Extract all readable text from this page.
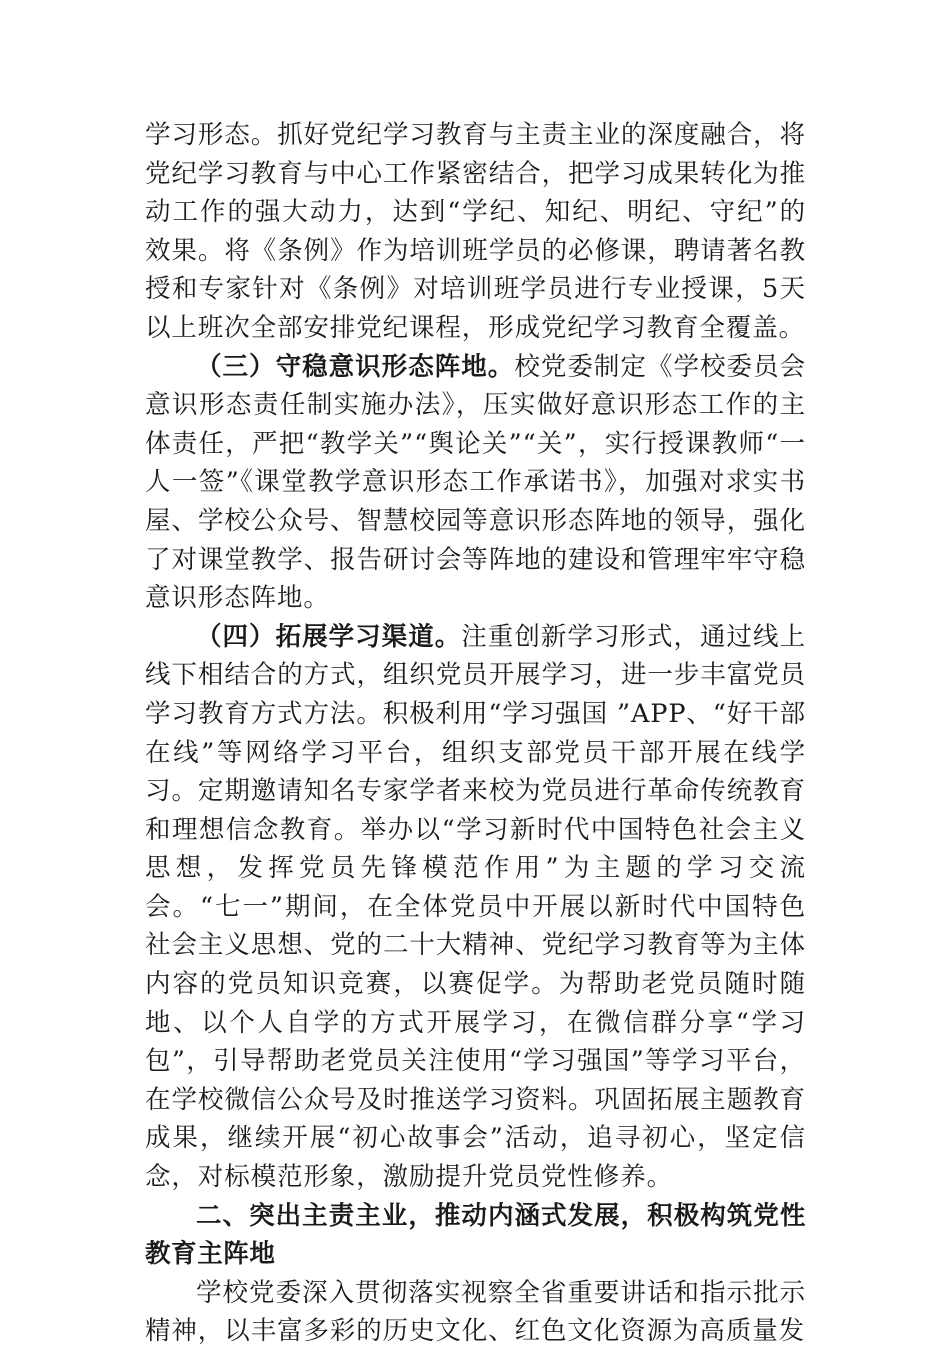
学习形态。抓好党纪学习教育与主责主业的深度融合，将党纪学习教育与中心工作紧密结合，把学习成果转化为推动工作的强大动力，达到“学纪、知纪、明纪、守纪”的效果。将《条例》作为培训班学员的必修课，聘请著名教授和专家针对《条例》对培训班学员进行专业授课，5天以上班次全部安排党纪课程，形成党纪学习教育全覆盖。

（三）守稳意识形态阵地。校党委制定《学校委员会意识形态责任制实施办法》，压实做好意识形态工作的主体责任，严把“教学关”“舆论关”“关”，实行授课教师“一人一签”《课堂教学意识形态工作承诺书》，加强对求实书屋、学校公众号、智慧校园等意识形态阵地的领导，强化了对课堂教学、报告研讨会等阵地的建设和管理牢牢守稳意识形态阵地。

（四）拓展学习渠道。注重创新学习形式，通过线上线下相结合的方式，组织党员开展学习，进一步丰富党员学习教育方式方法。积极利用“学习强国 ”APP、“好干部在线”等网络学习平台，组织支部党员干部开展在线学习。定期邀请知名专家学者来校为党员进行革命传统教育和理想信念教育。举办以“学习新时代中国特色社会主义思想，发挥党员先锋模范作用”为主题的学习交流会。“七一”期间，在全体党员中开展以新时代中国特色社会主义思想、党的二十大精神、党纪学习教育等为主体内容的党员知识竞赛，以赛促学。为帮助老党员随时随地、以个人自学的方式开展学习，在微信群分享“学习包”，引导帮助老党员关注使用“学习强国”等学习平台，在学校微信公众号及时推送学习资料。巩固拓展主题教育成果，继续开展“初心故事会”活动，追寻初心，坚定信念，对标模范形象，激励提升党员党性修养。

二、突出主责主业，推动内涵式发展，积极构筑党性教育主阵地

学校党委深入贯彻落实视察全省重要讲话和指示批示精神，以丰富多彩的历史文化、红色文化资源为高质量发
